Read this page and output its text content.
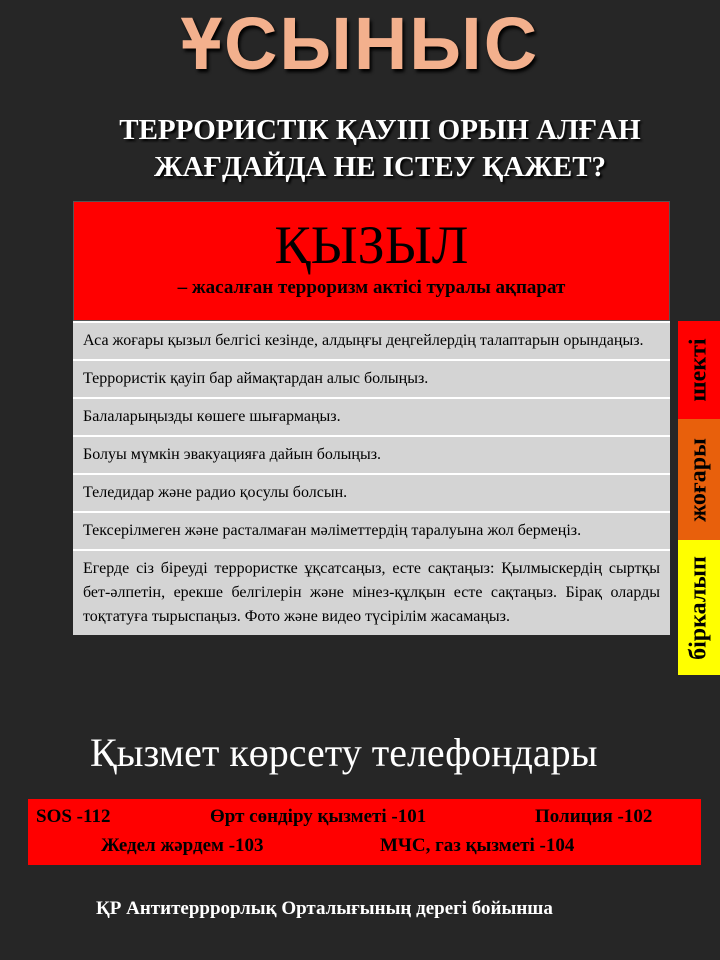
ҰСЫНЫС
ТЕРРОРИСТІК ҚАУІП ОРЫН АЛҒАН
ЖАҒДАЙДА НЕ ІСТЕУ ҚАЖЕТ?
ҚЫЗЫЛ
– жасалған терроризм актісі туралы ақпарат
Аса жоғары қызыл белгісі кезінде, алдыңғы деңгейлердің талаптарын орындаңыз.
Террористік қауіп бар аймақтардан алыс болыңыз.
Балаларыңызды көшеге шығармаңыз.
Болуы мүмкін эвакуацияға дайын болыңыз.
Теледидар және радио қосулы болсын.
Тексерілмеген және расталмаған мәліметтердің таралуына жол бермеңіз.
Егерде сіз біреуді террористке ұқсатсаңыз, есте сақтаңыз: Қылмыскердің сыртқы бет-әлпетін, ерекше белгілерін және мінез-құлқын есте сақтаңыз. Бірақ оларды тоқтатуға тырыспаңыз. Фото және видео түсірілім жасамаңыз.
шекті
жоғары
біркалып
Қызмет көрсету телефондары
SOS -112	Өрт сөндіру қызметі -101	Полиция -102
Жедел жәрдем -103	МЧС, газ қызметі -104
ҚР Антитерррорлық Орталығының дерегі бойынша
